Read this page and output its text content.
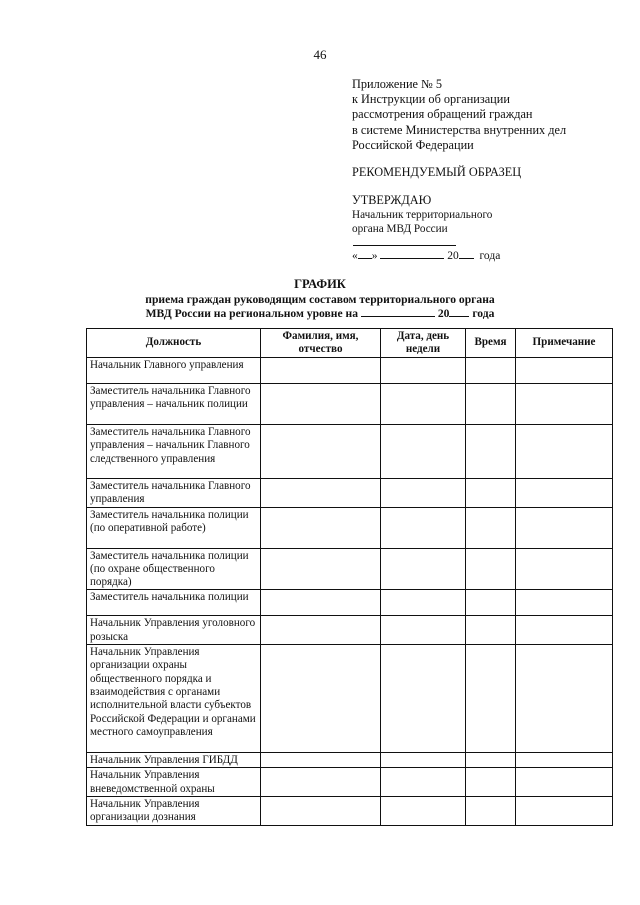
46
Приложение № 5
к Инструкции об организации
рассмотрения обращений граждан
в системе Министерства внутренних дел
Российской Федерации
РЕКОМЕНДУЕМЫЙ ОБРАЗЕЦ
УТВЕРЖДАЮ
Начальник территориального
органа МВД России
« »	20 года
ГРАФИК
приема граждан руководящим составом территориального органа
МВД России на региональном уровне на	20 года
Должность	Фамилия, имя, отчество	Дата, день недели	Время	Примечание
Начальник Главного управления				
Заместитель начальника Главного управления – начальник полиции				
Заместитель начальника Главного управления – начальник Главного следственного управления				
Заместитель начальника Главного управления				
Заместитель начальника полиции (по оперативной работе)				
Заместитель начальника полиции (по охране общественного порядка)				
Заместитель начальника полиции				
Начальник Управления уголовного розыска				
Начальник Управления организации охраны общественного порядка и взаимодействия с органами исполнительной власти субъектов Российской Федерации и органами местного самоуправления				
Начальник Управления ГИБДД				
Начальник Управления вневедомственной охраны				
Начальник Управления организации дознания				
